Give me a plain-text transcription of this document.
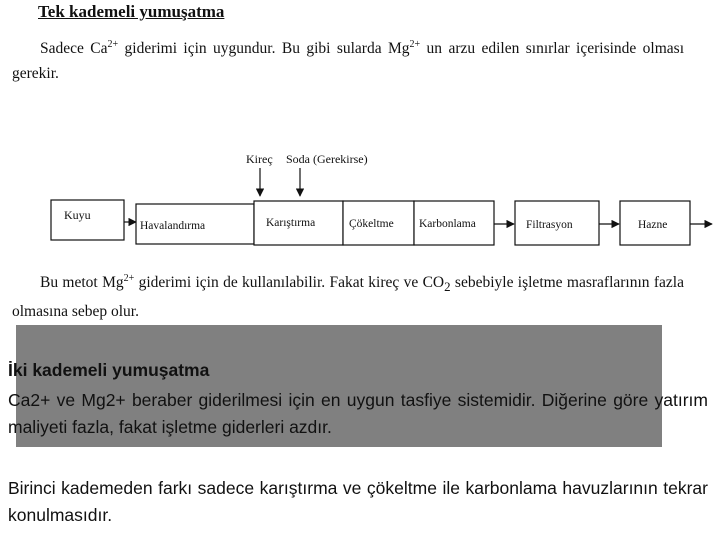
Tek kademeli yumuşatma
Sadece $Ca^{2+}$ giderimi için uygundur. Bu gibi sularda $Mg^{2+}$ un arzu edilen sınırlar içerisinde olması gerekir.
Kireç Soda (Gerekirse)
Kuyu
Havalandırma	Karıştırma	Çökeltme Karbonlama	Filtrasyon	Hazne
Bu metot $Mg^{2+}$ giderimi için de kullanılabilir. Fakat kireç ve $CO_2$ sebebiyle işletme masraflarının fazla olmasına sebep olur.
İki kademeli yumuşatma
Ca2+ ve Mg2+ beraber giderilmesi için en uygun tasfiye sistemidir. Diğerine göre yatırım maliyeti fazla, fakat işletme giderleri azdır.
Birinci kademeden farkı sadece karıştırma ve çökeltme ile karbonlama havuzlarının tekrar konulmasıdır.
